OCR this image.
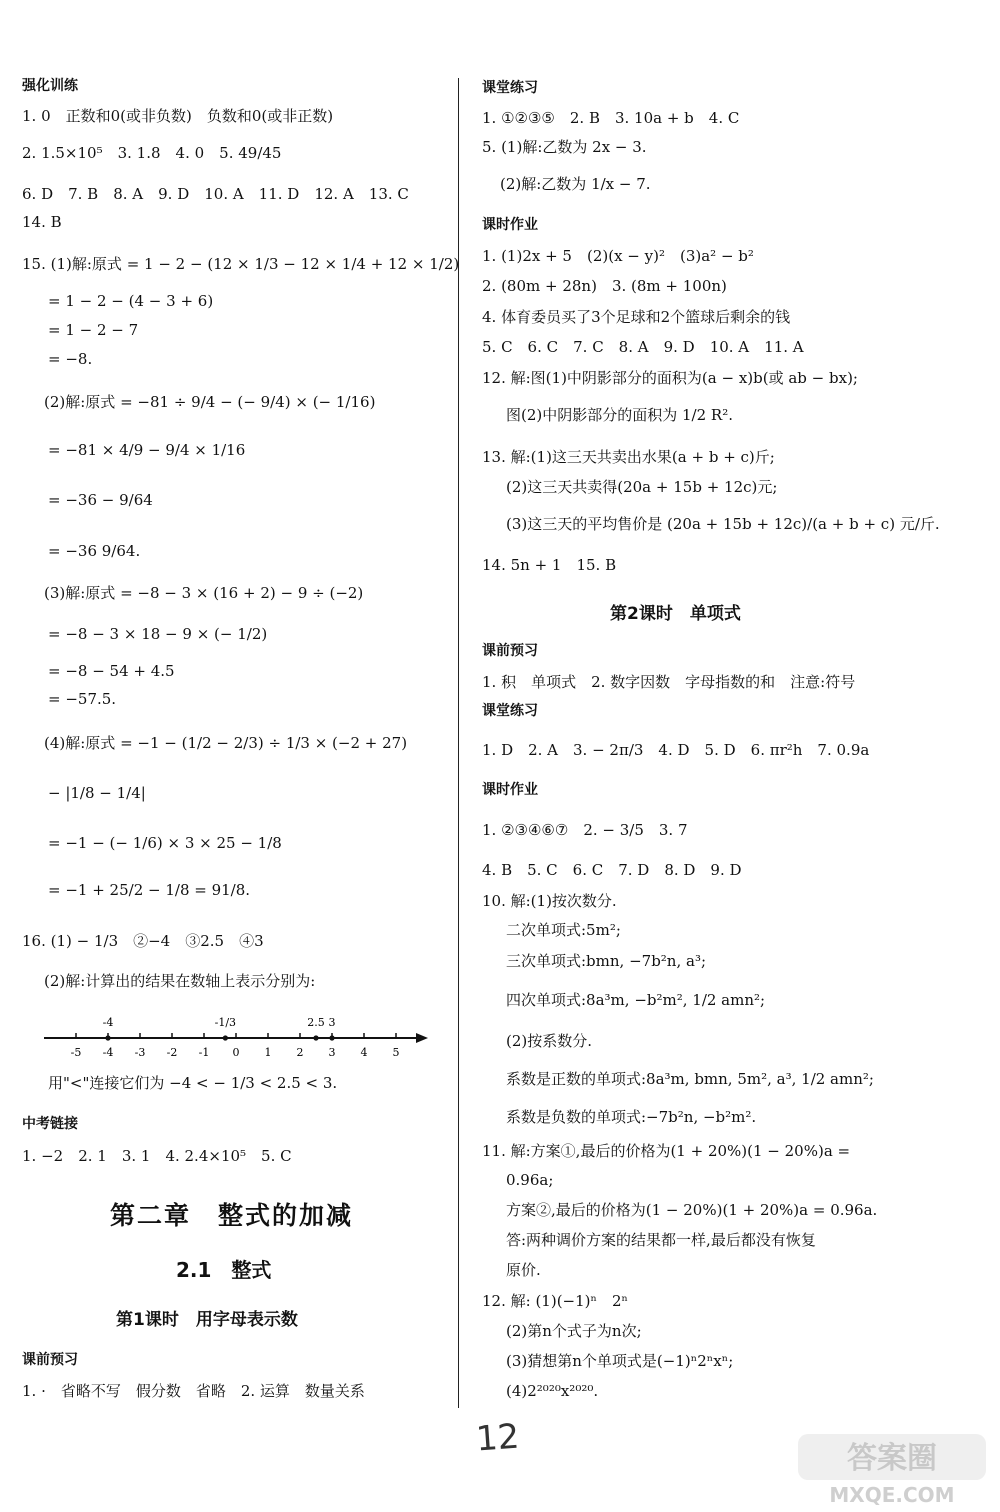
强化训练
1. 0　正数和0(或非负数)　负数和0(或非正数)
2. 1.5×10⁵　3. 1.8　4. 0　5. 49/45
6. D　7. B　8. A　9. D　10. A　11. D　12. A　13. C
14. B
15. (1)解:原式 = 1 − 2 − (12 × 1/3 − 12 × 1/4 + 12 × 1/2)
= 1 − 2 − (4 − 3 + 6)
= 1 − 2 − 7
= −8.
(2)解:原式 = −81 ÷ 9/4 − (− 9/4) × (− 1/16)
= −81 × 4/9 − 9/4 × 1/16
= −36 − 9/64
= −36 9/64.
(3)解:原式 = −8 − 3 × (16 + 2) − 9 ÷ (−2)
= −8 − 3 × 18 − 9 × (− 1/2)
= −8 − 54 + 4.5
= −57.5.
(4)解:原式 = −1 − (1/2 − 2/3) ÷ 1/3 × (−2 + 27)
− |1/8 − 1/4|
= −1 − (− 1/6) × 3 × 25 − 1/8
= −1 + 25/2 − 1/8 = 91/8.
16. (1) − 1/3　②−4　③2.5　④3
(2)解:计算出的结果在数轴上表示分别为:
-5 -4 -3 -2 -1 0 1 2 3 4 5
-4	-1/3	2.5 3
用"<"连接它们为 −4 < − 1/3 < 2.5 < 3.
中考链接
1. −2　2. 1　3. 1　4. 2.4×10⁵　5. C
第二章　整式的加减
2.1　整式
第1课时　用字母表示数
课前预习
1. ·　省略不写　假分数　省略　2. 运算　数量关系
课堂练习
1. ①②③⑤　2. B　3. 10a + b　4. C
5. (1)解:乙数为 2x − 3.
(2)解:乙数为 1/x − 7.
课时作业
1. (1)2x + 5　(2)(x − y)²　(3)a² − b²
2. (80m + 28n)　3. (8m + 100n)
4. 体育委员买了3个足球和2个篮球后剩余的钱
5. C　6. C　7. C　8. A　9. D　10. A　11. A
12. 解:图(1)中阴影部分的面积为(a − x)b(或 ab − bx);
图(2)中阴影部分的面积为 1/2 R².
13. 解:(1)这三天共卖出水果(a + b + c)斤;
(2)这三天共卖得(20a + 15b + 12c)元;
(3)这三天的平均售价是 (20a + 15b + 12c)/(a + b + c) 元/斤.
14. 5n + 1　15. B
第2课时　单项式
课前预习
1. 积　单项式　2. 数字因数　字母指数的和　注意:符号
课堂练习
1. D　2. A　3. − 2π/3　4. D　5. D　6. πr²h　7. 0.9a
课时作业
1. ②③④⑥⑦　2. − 3/5　3. 7
4. B　5. C　6. C　7. D　8. D　9. D
10. 解:(1)按次数分.
二次单项式:5m²;
三次单项式:bmn, −7b²n, a³;
四次单项式:8a³m, −b²m², 1/2 amn²;
(2)按系数分.
系数是正数的单项式:8a³m, bmn, 5m², a³, 1/2 amn²;
系数是负数的单项式:−7b²n, −b²m².
11. 解:方案①,最后的价格为(1 + 20%)(1 − 20%)a =
0.96a;
方案②,最后的价格为(1 − 20%)(1 + 20%)a = 0.96a.
答:两种调价方案的结果都一样,最后都没有恢复
原价.
12. 解: (1)(−1)ⁿ　2ⁿ
(2)第n个式子为n次;
(3)猜想第n个单项式是(−1)ⁿ2ⁿxⁿ;
(4)2²⁰²⁰x²⁰²⁰.
12	答案圈
MXQE.COM
